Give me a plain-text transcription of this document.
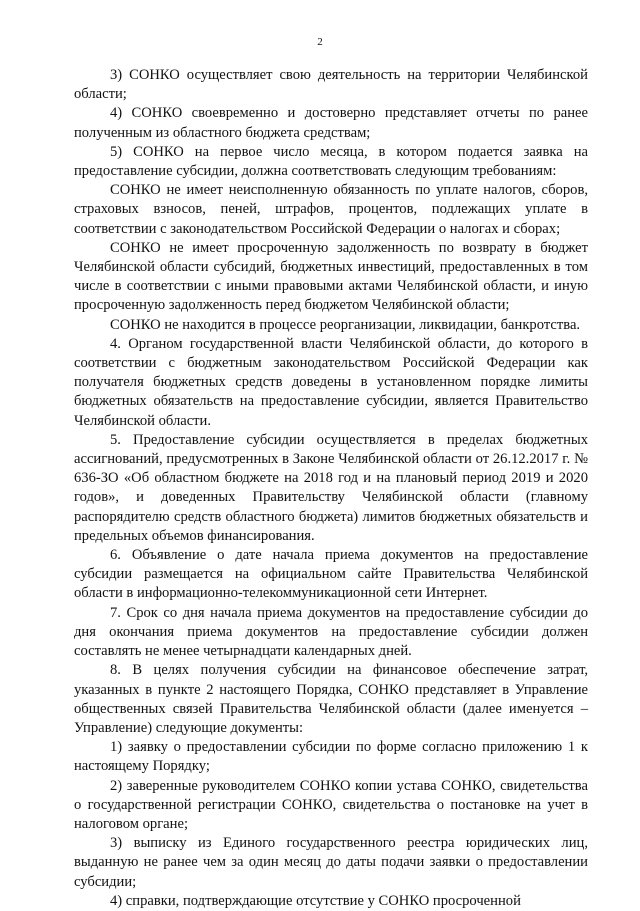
2

3) СОНКО осуществляет свою деятельность на территории Челябинской области;

4) СОНКО своевременно и достоверно представляет отчеты по ранее полученным из областного бюджета средствам;

5) СОНКО на первое число месяца, в котором подается заявка на предоставление субсидии, должна соответствовать следующим требованиям:

СОНКО не имеет неисполненную обязанность по уплате налогов, сборов, страховых взносов, пеней, штрафов, процентов, подлежащих уплате в соответствии с законодательством Российской Федерации о налогах и сборах;

СОНКО не имеет просроченную задолженность по возврату в бюджет Челябинской области субсидий, бюджетных инвестиций, предоставленных в том числе в соответствии с иными правовыми актами Челябинской области, и иную просроченную задолженность перед бюджетом Челябинской области;

СОНКО не находится в процессе реорганизации, ликвидации, банкротства.

4. Органом государственной власти Челябинской области, до которого в соответствии с бюджетным законодательством Российской Федерации как получателя бюджетных средств доведены в установленном порядке лимиты бюджетных обязательств на предоставление субсидии, является Правительство Челябинской области.

5. Предоставление субсидии осуществляется в пределах бюджетных ассигнований, предусмотренных в Законе Челябинской области от 26.12.2017 г. № 636-ЗО «Об областном бюджете на 2018 год и на плановый период 2019 и 2020 годов», и доведенных Правительству Челябинской области (главному распорядителю средств областного бюджета) лимитов бюджетных обязательств и предельных объемов финансирования.

6. Объявление о дате начала приема документов на предоставление субсидии размещается на официальном сайте Правительства Челябинской области в информационно-телекоммуникационной сети Интернет.

7. Срок со дня начала приема документов на предоставление субсидии до дня окончания приема документов на предоставление субсидии должен составлять не менее четырнадцати календарных дней.

8. В целях получения субсидии на финансовое обеспечение затрат, указанных в пункте 2 настоящего Порядка, СОНКО представляет в Управление общественных связей Правительства Челябинской области (далее именуется – Управление) следующие документы:

1) заявку о предоставлении субсидии по форме согласно приложению 1 к настоящему Порядку;

2) заверенные руководителем СОНКО копии устава СОНКО, свидетельства о государственной регистрации СОНКО, свидетельства о постановке на учет в налоговом органе;

3) выписку из Единого государственного реестра юридических лиц, выданную не ранее чем за один месяц до даты подачи заявки о предоставлении субсидии;

4) справки, подтверждающие отсутствие у СОНКО просроченной
